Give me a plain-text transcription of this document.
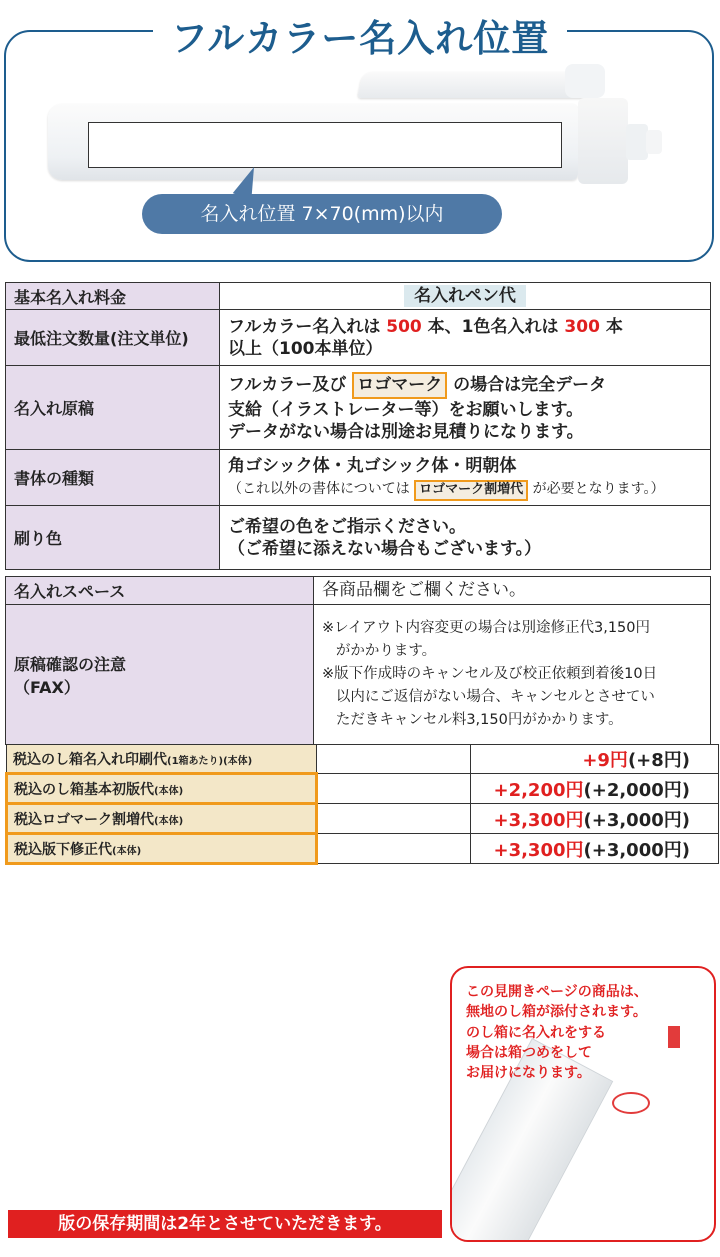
フルカラー名入れ位置
名入れ位置 7×70(mm)以内
基本名入れ料金	名入れペン代
最低注文数量(注文単位)	フルカラー名入れは 500 本、1色名入れは 300 本
以上（100本単位）
名入れ原稿	フルカラー及び ロゴマーク の場合は完全データ
支給（イラストレーター等）をお願いします。
データがない場合は別途お見積りになります。
書体の種類	角ゴシック体・丸ゴシック体・明朝体
（これ以外の書体については ロゴマーク割増代 が必要となります。）
刷り色	ご希望の色をご指示ください。
（ご希望に添えない場合もございます。）
名入れスペース	各商品欄をご欄ください。
原稿確認の注意
（FAX）	※レイアウト内容変更の場合は別途修正代3,150円
がかかります。
※版下作成時のキャンセル及び校正依頼到着後10日
以内にご返信がない場合、キャンセルとさせてい
ただきキャンセル料3,150円がかかります。
税込のし箱名入れ印刷代(1箱あたり)(本体)		+9円(+8円)
税込のし箱基本初版代(本体)		+2,200円(+2,000円)
税込ロゴマーク割増代(本体)		+3,300円(+3,000円)
税込版下修正代(本体)		+3,300円(+3,000円)
この見開きページの商品は、
無地のし箱が添付されます。
のし箱に名入れをする
場合は箱つめをして
お届けになります。
版の保存期間は2年とさせていただきます。
